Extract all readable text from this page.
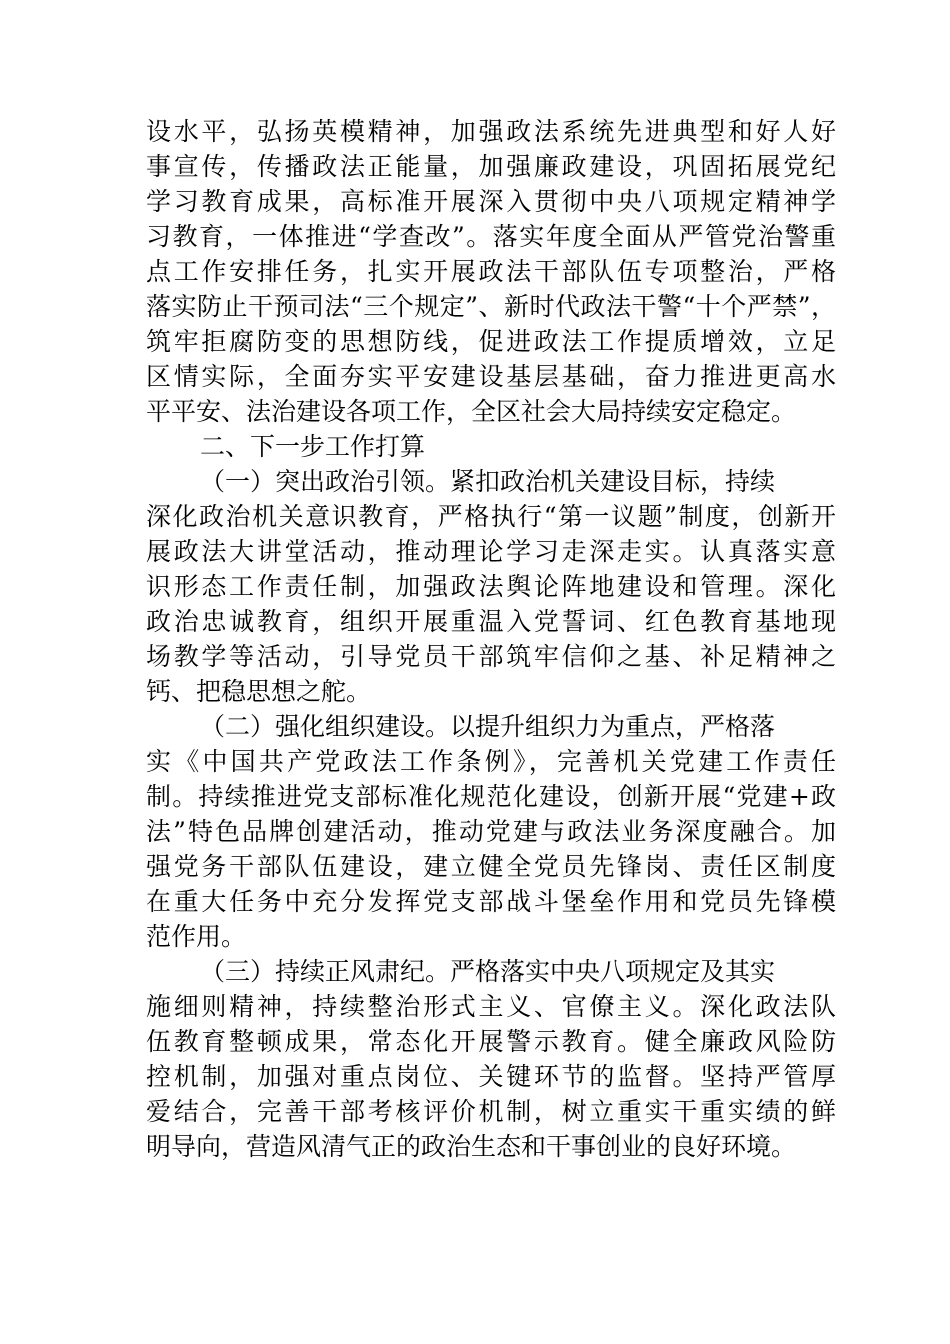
设水平，弘扬英模精神，加强政法系统先进典型和好人好
事宣传，传播政法正能量，加强廉政建设，巩固拓展党纪
学习教育成果，高标准开展深入贯彻中央八项规定精神学
习教育，一体推进“学查改”。落实年度全面从严管党治警重
点工作安排任务，扎实开展政法干部队伍专项整治，严格
落实防止干预司法“三个规定”、新时代政法干警“十个严禁”，
筑牢拒腐防变的思想防线，促进政法工作提质增效，立足
区情实际，全面夯实平安建设基层基础，奋力推进更高水
平平安、法治建设各项工作，全区社会大局持续安定稳定。
二、下一步工作打算
（一）突出政治引领。紧扣政治机关建设目标，持续
深化政治机关意识教育，严格执行“第一议题”制度，创新开
展政法大讲堂活动，推动理论学习走深走实。认真落实意
识形态工作责任制，加强政法舆论阵地建设和管理。深化
政治忠诚教育，组织开展重温入党誓词、红色教育基地现
场教学等活动，引导党员干部筑牢信仰之基、补足精神之
钙、把稳思想之舵。
（二）强化组织建设。以提升组织力为重点，严格落
实《中国共产党政法工作条例》，完善机关党建工作责任
制。持续推进党支部标准化规范化建设，创新开展“党建+政
法”特色品牌创建活动，推动党建与政法业务深度融合。加
强党务干部队伍建设，建立健全党员先锋岗、责任区制度
在重大任务中充分发挥党支部战斗堡垒作用和党员先锋模
范作用。
（三）持续正风肃纪。严格落实中央八项规定及其实
施细则精神，持续整治形式主义、官僚主义。深化政法队
伍教育整顿成果，常态化开展警示教育。健全廉政风险防
控机制，加强对重点岗位、关键环节的监督。坚持严管厚
爱结合，完善干部考核评价机制，树立重实干重实绩的鲜
明导向，营造风清气正的政治生态和干事创业的良好环境。
